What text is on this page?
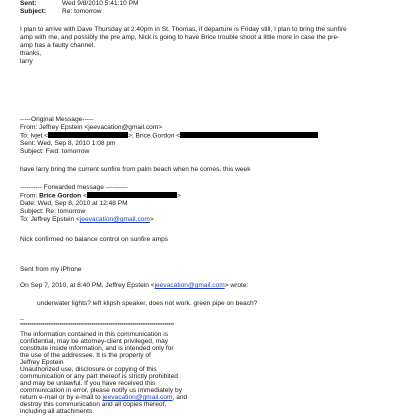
Sent:	Wed 9/8/2010 5:41:10 PM
Subject: Re: tomorrow
I plan to arrive with Dave Thursday at 2:40pm in St. Thomas, if departure is Friday still, I plan to bring the sunfire
amp with me, and possibly the pre amp, Nick is going to have Brice trouble shoot a little more in case the pre-
amp has a faulty channel.
thanks,
larry
-----Original Message-----
From: Jeffrey Epstein <jeevacation@gmail.com>
To: lvjet <	>; Brice Gordon <
Sent: Wed, Sep 8, 2010 1:08 pm
Subject: Fwd: tomorrow
have larry bring the current sunfire from palm beach when he comes. this week
---------- Forwarded message ----------
From: Brice Gordon <	>
Date: Wed, Sep 8, 2010 at 12:48 PM
Subject: Re: tomorrow
To: Jeffrey Epstein <jeevacation@gmail.com>
Nick confirmed no balance control on sunfire amps
Sent from my iPhone
On Sep 7, 2010, at 8:40 PM, Jeffrey Epstein <jeevacation@gmail.com> wrote:
underwater lights? left klipsh speaker, does not work. green pipe on beach?
--
**********************************************************************************
The information contained in this communication is
confidential, may be attorney-client privileged, may
constitute inside information, and is intended only for
the use of the addressee. It is the property of
Jeffrey Epstein
Unauthorized use, disclosure or copying of this
communication or any part thereof is strictly prohibited
and may be unlawful. If you have received this
communication in error, please notify us immediately by
return e-mail or by e-mail to jeevacation@gmail.com, and
destroy this communication and all copies thereof,
including all attachments.
